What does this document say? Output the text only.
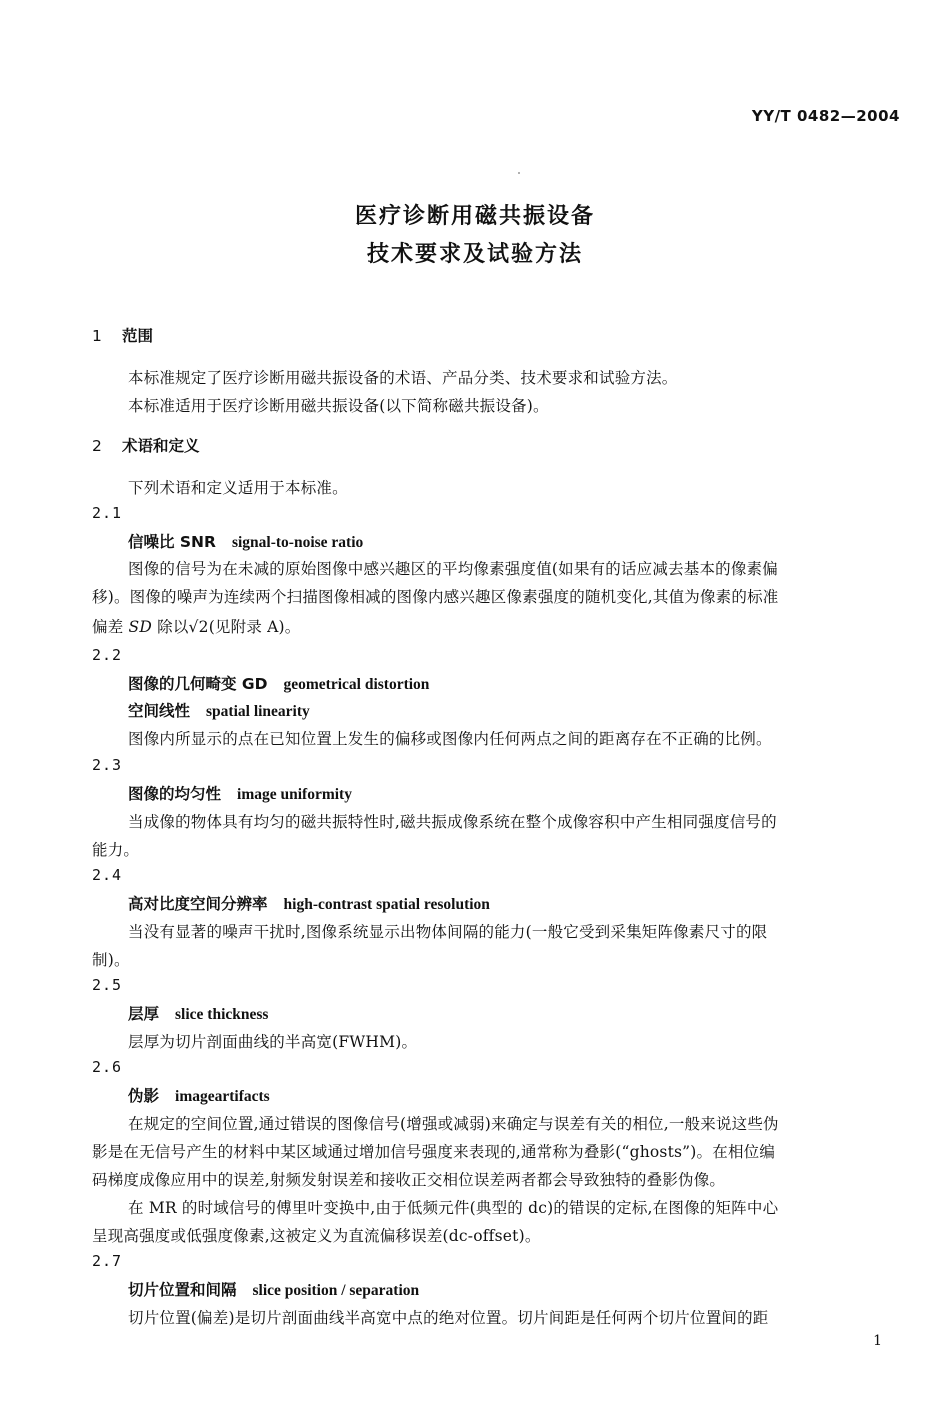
YY/T 0482—2004
医疗诊断用磁共振设备
技术要求及试验方法
1 范围
本标准规定了医疗诊断用磁共振设备的术语、产品分类、技术要求和试验方法。
本标准适用于医疗诊断用磁共振设备(以下简称磁共振设备)。
2 术语和定义
下列术语和定义适用于本标准。
2.1
信噪比 SNR signal-to-noise ratio
图像的信号为在未减的原始图像中感兴趣区的平均像素强度值(如果有的话应减去基本的像素偏
移)。图像的噪声为连续两个扫描图像相减的图像内感兴趣区像素强度的随机变化,其值为像素的标准
偏差 SD 除以√2(见附录 A)。
2.2
图像的几何畸变 GD geometrical distortion
空间线性 spatial linearity
图像内所显示的点在已知位置上发生的偏移或图像内任何两点之间的距离存在不正确的比例。
2.3
图像的均匀性 image uniformity
当成像的物体具有均匀的磁共振特性时,磁共振成像系统在整个成像容积中产生相同强度信号的
能力。
2.4
高对比度空间分辨率 high-contrast spatial resolution
当没有显著的噪声干扰时,图像系统显示出物体间隔的能力(一般它受到采集矩阵像素尺寸的限
制)。
2.5
层厚 slice thickness
层厚为切片剖面曲线的半高宽(FWHM)。
2.6
伪影 imageartifacts
在规定的空间位置,通过错误的图像信号(增强或减弱)来确定与误差有关的相位,一般来说这些伪
影是在无信号产生的材料中某区域通过增加信号强度来表现的,通常称为叠影(“ghosts”)。在相位编
码梯度成像应用中的误差,射频发射误差和接收正交相位误差两者都会导致独特的叠影伪像。
在 MR 的时域信号的傅里叶变换中,由于低频元件(典型的 dc)的错误的定标,在图像的矩阵中心
呈现高强度或低强度像素,这被定义为直流偏移误差(dc-offset)。
2.7
切片位置和间隔 slice position / separation
切片位置(偏差)是切片剖面曲线半高宽中点的绝对位置。切片间距是任何两个切片位置间的距
1
